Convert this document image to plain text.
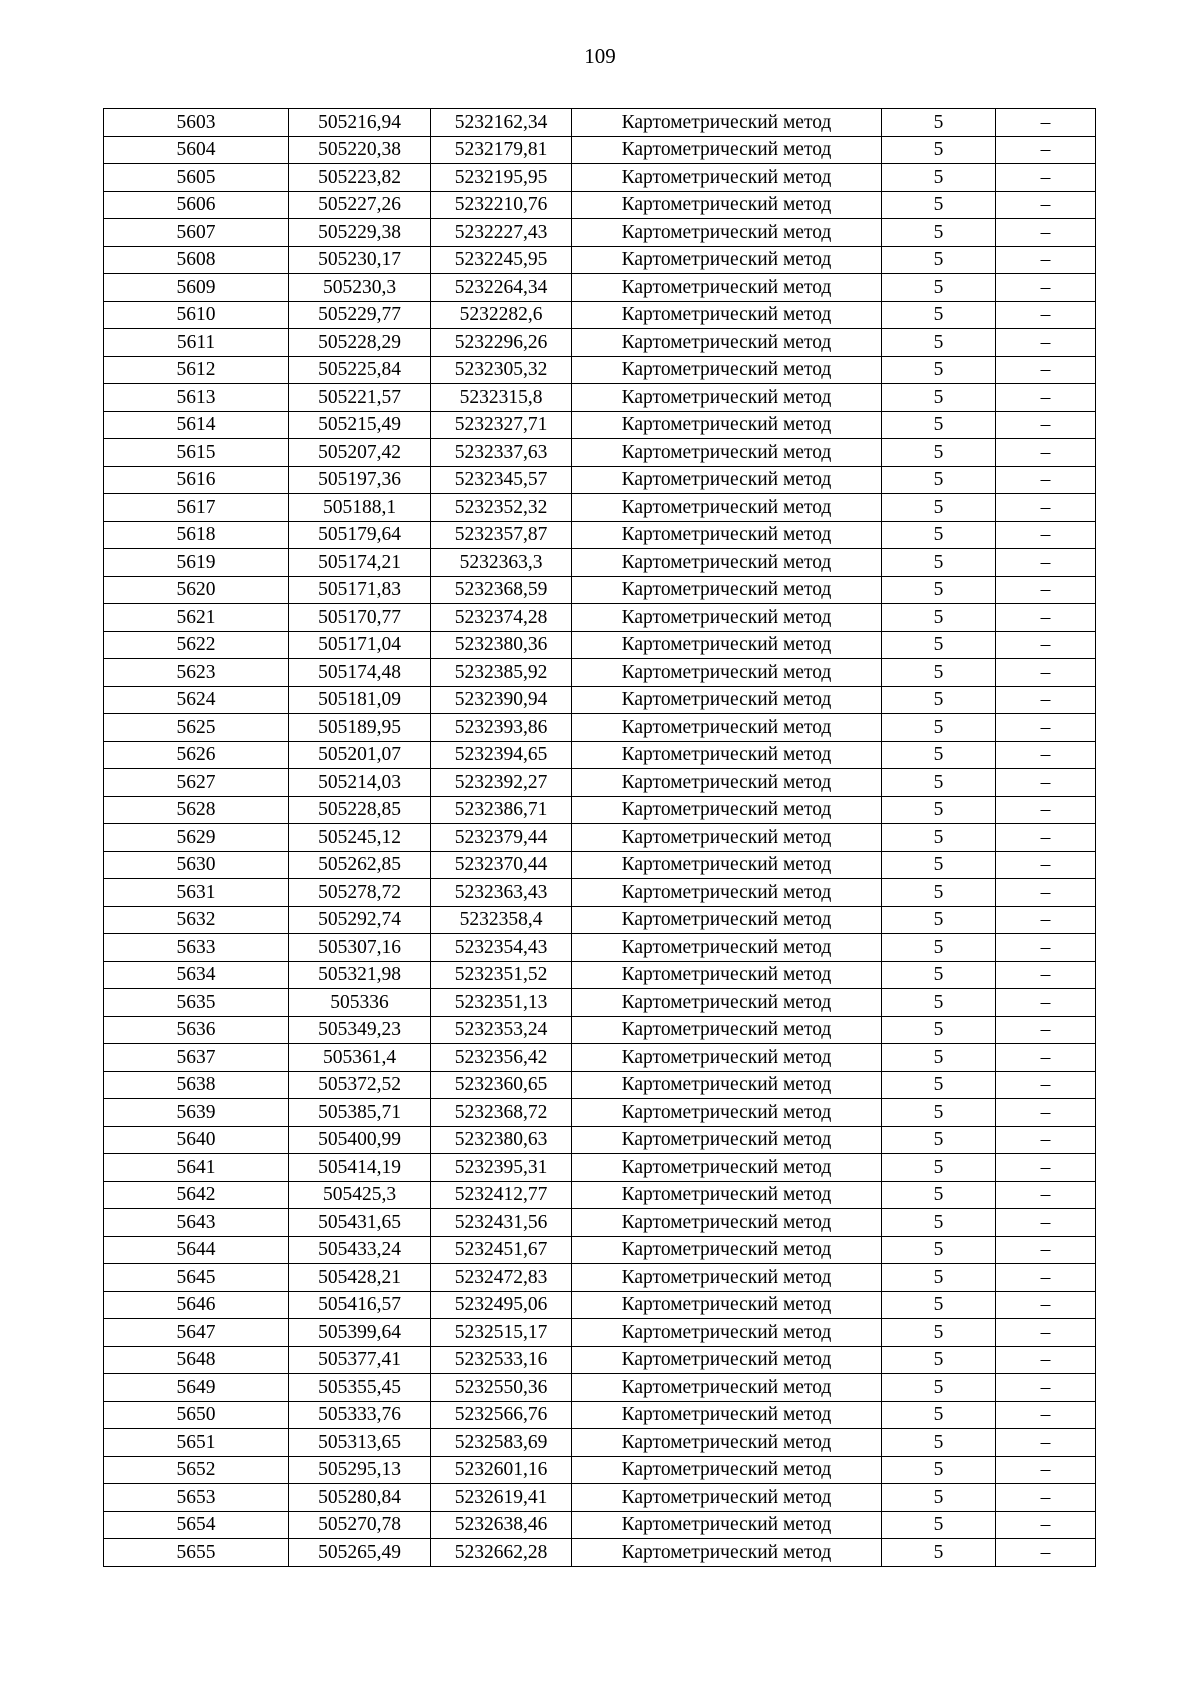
109
5603	505216,94	5232162,34	Картометрический метод	5	–
5604	505220,38	5232179,81	Картометрический метод	5	–
5605	505223,82	5232195,95	Картометрический метод	5	–
5606	505227,26	5232210,76	Картометрический метод	5	–
5607	505229,38	5232227,43	Картометрический метод	5	–
5608	505230,17	5232245,95	Картометрический метод	5	–
5609	505230,3	5232264,34	Картометрический метод	5	–
5610	505229,77	5232282,6	Картометрический метод	5	–
5611	505228,29	5232296,26	Картометрический метод	5	–
5612	505225,84	5232305,32	Картометрический метод	5	–
5613	505221,57	5232315,8	Картометрический метод	5	–
5614	505215,49	5232327,71	Картометрический метод	5	–
5615	505207,42	5232337,63	Картометрический метод	5	–
5616	505197,36	5232345,57	Картометрический метод	5	–
5617	505188,1	5232352,32	Картометрический метод	5	–
5618	505179,64	5232357,87	Картометрический метод	5	–
5619	505174,21	5232363,3	Картометрический метод	5	–
5620	505171,83	5232368,59	Картометрический метод	5	–
5621	505170,77	5232374,28	Картометрический метод	5	–
5622	505171,04	5232380,36	Картометрический метод	5	–
5623	505174,48	5232385,92	Картометрический метод	5	–
5624	505181,09	5232390,94	Картометрический метод	5	–
5625	505189,95	5232393,86	Картометрический метод	5	–
5626	505201,07	5232394,65	Картометрический метод	5	–
5627	505214,03	5232392,27	Картометрический метод	5	–
5628	505228,85	5232386,71	Картометрический метод	5	–
5629	505245,12	5232379,44	Картометрический метод	5	–
5630	505262,85	5232370,44	Картометрический метод	5	–
5631	505278,72	5232363,43	Картометрический метод	5	–
5632	505292,74	5232358,4	Картометрический метод	5	–
5633	505307,16	5232354,43	Картометрический метод	5	–
5634	505321,98	5232351,52	Картометрический метод	5	–
5635	505336	5232351,13	Картометрический метод	5	–
5636	505349,23	5232353,24	Картометрический метод	5	–
5637	505361,4	5232356,42	Картометрический метод	5	–
5638	505372,52	5232360,65	Картометрический метод	5	–
5639	505385,71	5232368,72	Картометрический метод	5	–
5640	505400,99	5232380,63	Картометрический метод	5	–
5641	505414,19	5232395,31	Картометрический метод	5	–
5642	505425,3	5232412,77	Картометрический метод	5	–
5643	505431,65	5232431,56	Картометрический метод	5	–
5644	505433,24	5232451,67	Картометрический метод	5	–
5645	505428,21	5232472,83	Картометрический метод	5	–
5646	505416,57	5232495,06	Картометрический метод	5	–
5647	505399,64	5232515,17	Картометрический метод	5	–
5648	505377,41	5232533,16	Картометрический метод	5	–
5649	505355,45	5232550,36	Картометрический метод	5	–
5650	505333,76	5232566,76	Картометрический метод	5	–
5651	505313,65	5232583,69	Картометрический метод	5	–
5652	505295,13	5232601,16	Картометрический метод	5	–
5653	505280,84	5232619,41	Картометрический метод	5	–
5654	505270,78	5232638,46	Картометрический метод	5	–
5655	505265,49	5232662,28	Картометрический метод	5	–
